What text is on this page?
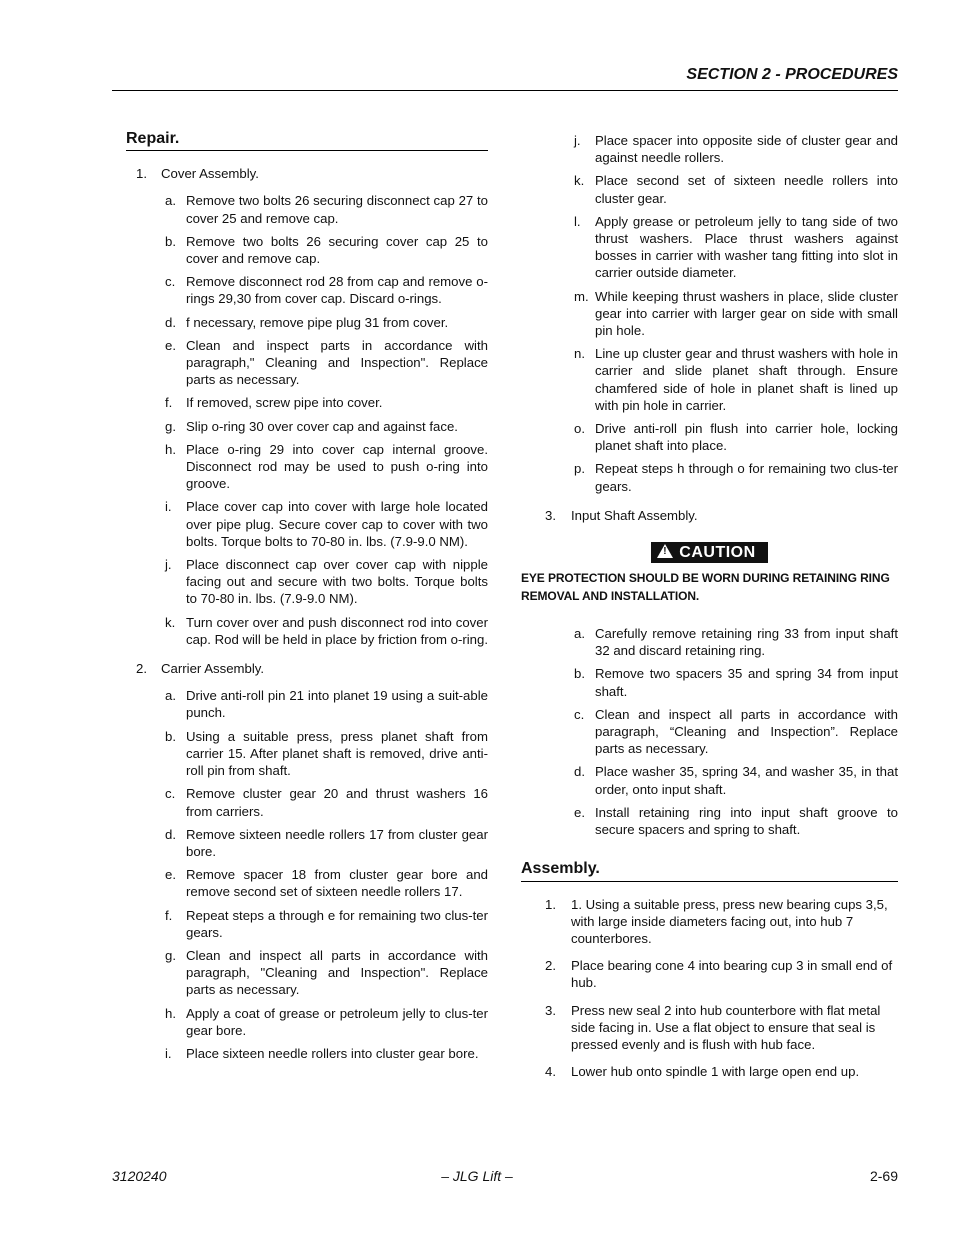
SECTION 2 - PROCEDURES
Repair.
1. Cover Assembly.
a. Remove two bolts 26 securing disconnect cap 27 to cover 25 and remove cap.
b. Remove two bolts 26 securing cover cap 25 to cover and remove cap.
c. Remove disconnect rod 28 from cap and remove o-rings 29,30 from cover cap. Discard o-rings.
d. f necessary, remove pipe plug 31 from cover.
e. Clean and inspect parts in accordance with paragraph," Cleaning and Inspection". Replace parts as necessary.
f. If removed, screw pipe into cover.
g. Slip o-ring 30 over cover cap and against face.
h. Place o-ring 29 into cover cap internal groove. Disconnect rod may be used to push o-ring into groove.
i. Place cover cap into cover with large hole located over pipe plug. Secure cover cap to cover with two bolts. Torque bolts to 70-80 in. lbs. (7.9-9.0 NM).
j. Place disconnect cap over cover cap with nipple facing out and secure with two bolts. Torque bolts to 70-80 in. lbs. (7.9-9.0 NM).
k. Turn cover over and push disconnect rod into cover cap. Rod will be held in place by friction from o-ring.
2. Carrier Assembly.
a. Drive anti-roll pin 21 into planet 19 using a suit-able punch.
b. Using a suitable press, press planet shaft from carrier 15. After planet shaft is removed, drive anti-roll pin from shaft.
c. Remove cluster gear 20 and thrust washers 16 from carriers.
d. Remove sixteen needle rollers 17 from cluster gear bore.
e. Remove spacer 18 from cluster gear bore and remove second set of sixteen needle rollers 17.
f. Repeat steps a through e for remaining two clus-ter gears.
g. Clean and inspect all parts in accordance with paragraph, "Cleaning and Inspection". Replace parts as necessary.
h. Apply a coat of grease or petroleum jelly to clus-ter gear bore.
i. Place sixteen needle rollers into cluster gear bore.
j. Place spacer into opposite side of cluster gear and against needle rollers.
k. Place second set of sixteen needle rollers into cluster gear.
l. Apply grease or petroleum jelly to tang side of two thrust washers. Place thrust washers against bosses in carrier with washer tang fitting into slot in carrier outside diameter.
m. While keeping thrust washers in place, slide cluster gear into carrier with larger gear on side with small pin hole.
n. Line up cluster gear and thrust washers with hole in carrier and slide planet shaft through. Ensure chamfered side of hole in planet shaft is lined up with pin hole in carrier.
o. Drive anti-roll pin flush into carrier hole, locking planet shaft into place.
p. Repeat steps h through o for remaining two clus-ter gears.
3. Input Shaft Assembly.
!CAUTION
EYE PROTECTION SHOULD BE WORN DURING RETAINING RING REMOVAL AND INSTALLATION.
a. Carefully remove retaining ring 33 from input shaft 32 and discard retaining ring.
b. Remove two spacers 35 and spring 34 from input shaft.
c. Clean and inspect all parts in accordance with paragraph, “Cleaning and Inspection”. Replace parts as necessary.
d. Place washer 35, spring 34, and washer 35, in that order, onto input shaft.
e. Install retaining ring into input shaft groove to secure spacers and spring to shaft.
Assembly.
1. 1. Using a suitable press, press new bearing cups 3,5, with large inside diameters facing out, into hub 7 counterbores.
2. Place bearing cone 4 into bearing cup 3 in small end of hub.
3. Press new seal 2 into hub counterbore with flat metal side facing in. Use a flat object to ensure that seal is pressed evenly and is flush with hub face.
4. Lower hub onto spindle 1 with large open end up.
3120240	– JLG Lift –	2-69
